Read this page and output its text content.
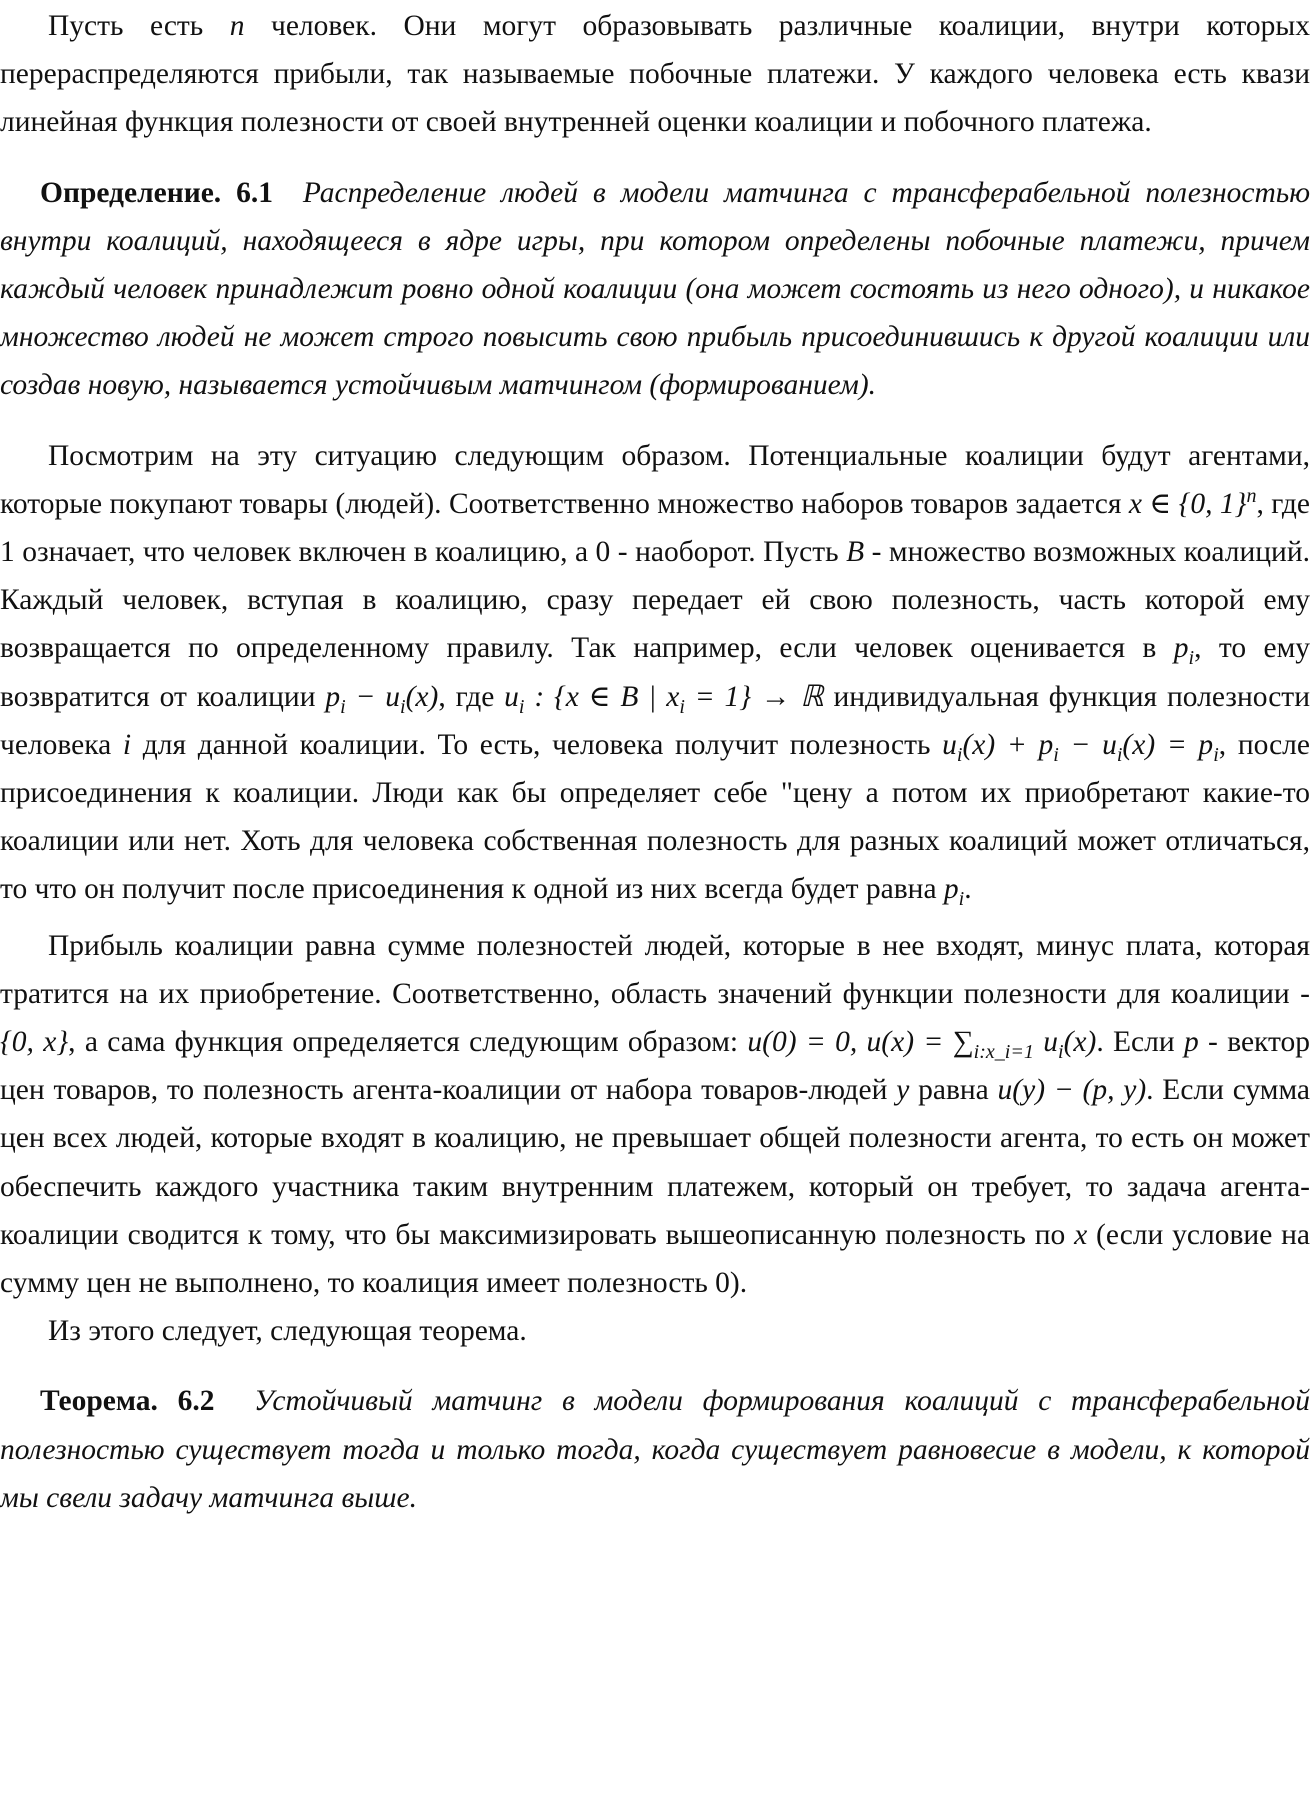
Пусть есть n человек. Они могут образовывать различные коалиции, внутри которых перераспределяются прибыли, так называемые побочные платежи. У каждого человека есть квази линейная функция полезности от своей внутренней оценки коалиции и побочного платежа.

Определение. 6.1 Распределение людей в модели матчинга с трансферабельной полезностью внутри коалиций, находящееся в ядре игры, при котором определены побочные платежи, причем каждый человек принадлежит ровно одной коалиции (она может состоять из него одного), и никакое множество людей не может строго повысить свою прибыль присоединившись к другой коалиции или создав новую, называется устойчивым матчингом (формированием).

Посмотрим на эту ситуацию следующим образом. Потенциальные коалиции будут агентами, которые покупают товары (людей). Соответственно множество наборов товаров задается x ∈ {0, 1}$^n$, где 1 означает, что человек включен в коалицию, а 0 - наоборот. Пусть B - множество возможных коалиций. Каждый человек, вступая в коалицию, сразу передает ей свою полезность, часть которой ему возвращается по определенному правилу. Так например, если человек оценивается в $p_i$, то ему возвратится от коалиции $p_i - u_i(x)$, где $u_i$ : {x ∈ B | $x_i = 1$} → ℝ индивидуальная функция полезности человека i для данной коалиции. То есть, человека получит полезность $u_i(x) + p_i - u_i(x) = p_i$, после присоединения к коалиции. Люди как бы определяет себе "цену а потом их приобретают какие-то коалиции или нет. Хоть для человека собственная полезность для разных коалиций может отличаться, то что он получит после присоединения к одной из них всегда будет равна $p_i$.

Прибыль коалиции равна сумме полезностей людей, которые в нее входят, минус плата, которая тратится на их приобретение. Соответственно, область значений функции полезности для коалиции - {0, x}, а сама функция определяется следующим образом: u(0) = 0, $u(x) = \sum_{i:x\_i=1}$ $u_i(x)$. Если p - вектор цен товаров, то полезность агента-коалиции от набора товаров-людей y равна u(y) − (p, y). Если сумма цен всех людей, которые входят в коалицию, не превышает общей полезности агента, то есть он может обеспечить каждого участника таким внутренним платежем, который он требует, то задача агента-коалиции сводится к тому, что бы максимизировать вышеописанную полезность по x (если условие на сумму цен не выполнено, то коалиция имеет полезность 0).

Из этого следует, следующая теорема.

Теорема. 6.2 Устойчивый матчинг в модели формирования коалиций с трансферабельной полезностью существует тогда и только тогда, когда существует равновесие в модели, к которой мы свели задачу матчинга выше.
